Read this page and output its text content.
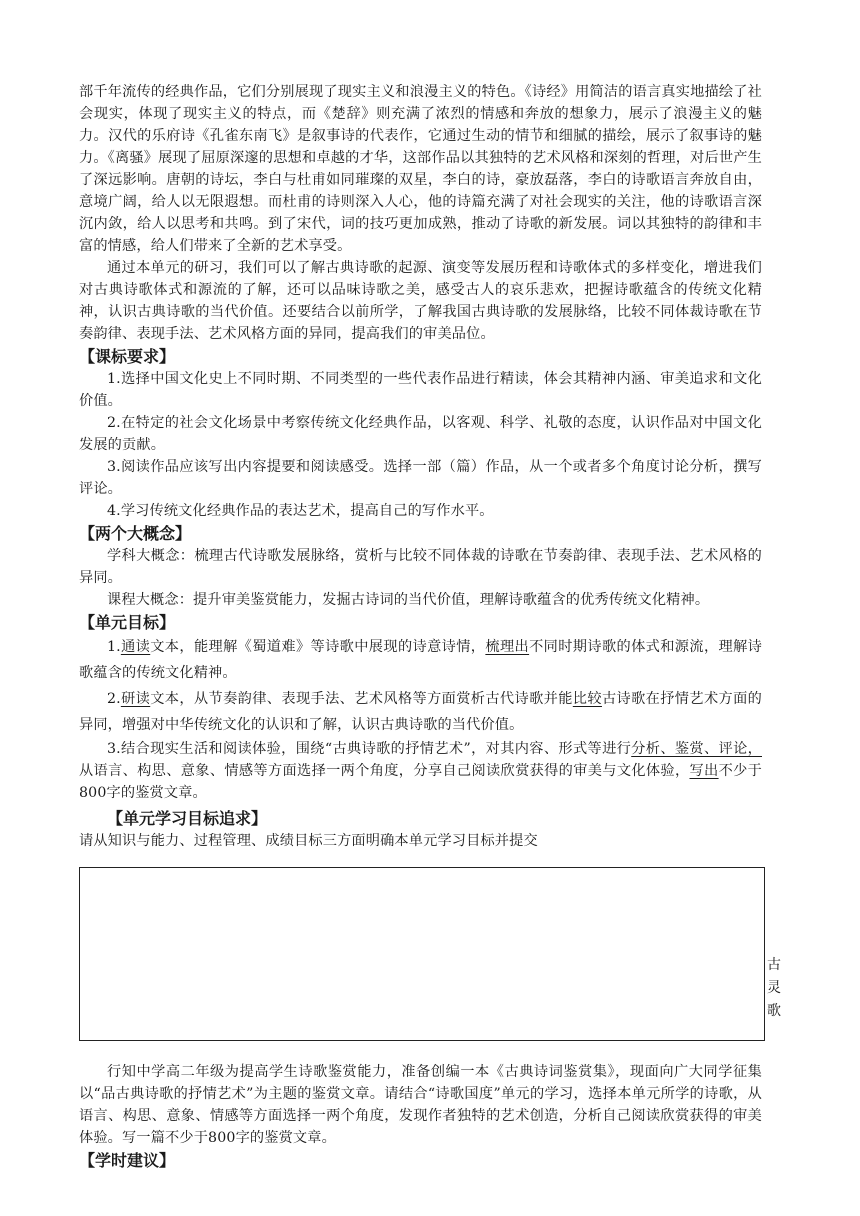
部千年流传的经典作品，它们分别展现了现实主义和浪漫主义的特色。《诗经》用简洁的语言真实地描绘了社会现实，体现了现实主义的特点，而《楚辞》则充满了浓烈的情感和奔放的想象力，展示了浪漫主义的魅力。汉代的乐府诗《孔雀东南飞》是叙事诗的代表作，它通过生动的情节和细腻的描绘，展示了叙事诗的魅力。《离骚》展现了屈原深邃的思想和卓越的才华，这部作品以其独特的艺术风格和深刻的哲理，对后世产生了深远影响。唐朝的诗坛，李白与杜甫如同璀璨的双星，李白的诗，豪放磊落，李白的诗歌语言奔放自由，意境广阔，给人以无限遐想。而杜甫的诗则深入人心，他的诗篇充满了对社会现实的关注，他的诗歌语言深沉内敛，给人以思考和共鸣。到了宋代，词的技巧更加成熟，推动了诗歌的新发展。词以其独特的韵律和丰富的情感，给人们带来了全新的艺术享受。

通过本单元的研习，我们可以了解古典诗歌的起源、演变等发展历程和诗歌体式的多样变化，增进我们对古典诗歌体式和源流的了解，还可以品味诗歌之美，感受古人的哀乐悲欢，把握诗歌蕴含的传统文化精神，认识古典诗歌的当代价值。还要结合以前所学，了解我国古典诗歌的发展脉络，比较不同体裁诗歌在节奏韵律、表现手法、艺术风格方面的异同，提高我们的审美品位。

【课标要求】

1.选择中国文化史上不同时期、不同类型的一些代表作品进行精读，体会其精神内涵、审美追求和文化价值。

2.在特定的社会文化场景中考察传统文化经典作品，以客观、科学、礼敬的态度，认识作品对中国文化发展的贡献。

3.阅读作品应该写出内容提要和阅读感受。选择一部（篇）作品，从一个或者多个角度讨论分析，撰写评论。

4.学习传统文化经典作品的表达艺术，提高自己的写作水平。

【两个大概念】

学科大概念：梳理古代诗歌发展脉络，赏析与比较不同体裁的诗歌在节奏韵律、表现手法、艺术风格的异同。

课程大概念：提升审美鉴赏能力，发掘古诗词的当代价值，理解诗歌蕴含的优秀传统文化精神。

【单元目标】

1.通读文本，能理解《蜀道难》等诗歌中展现的诗意诗情，梳理出不同时期诗歌的体式和源流，理解诗歌蕴含的传统文化精神。

2.研读文本，从节奏韵律、表现手法、艺术风格等方面赏析古代诗歌并能比较古诗歌在抒情艺术方面的异同，增强对中华传统文化的认识和了解，认识古典诗歌的当代价值。

3.结合现实生活和阅读体验，围绕“古典诗歌的抒情艺术”，对其内容、形式等进行分析、鉴赏、评论，从语言、构思、意象、情感等方面选择一两个角度，分享自己阅读欣赏获得的审美与文化体验，写出不少于800字的鉴赏文章。

【单元学习目标追求】

请从知识与能力、过程管理、成绩目标三方面明确本单元学习目标并提交

古
灵
歌

行知中学高二年级为提高学生诗歌鉴赏能力，准备创编一本《古典诗词鉴赏集》，现面向广大同学征集以“品古典诗歌的抒情艺术”为主题的鉴赏文章。请结合“诗歌国度”单元的学习，选择本单元所学的诗歌，从语言、构思、意象、情感等方面选择一两个角度，发现作者独特的艺术创造，分析自己阅读欣赏获得的审美体验。写一篇不少于800字的鉴赏文章。

【学时建议】
